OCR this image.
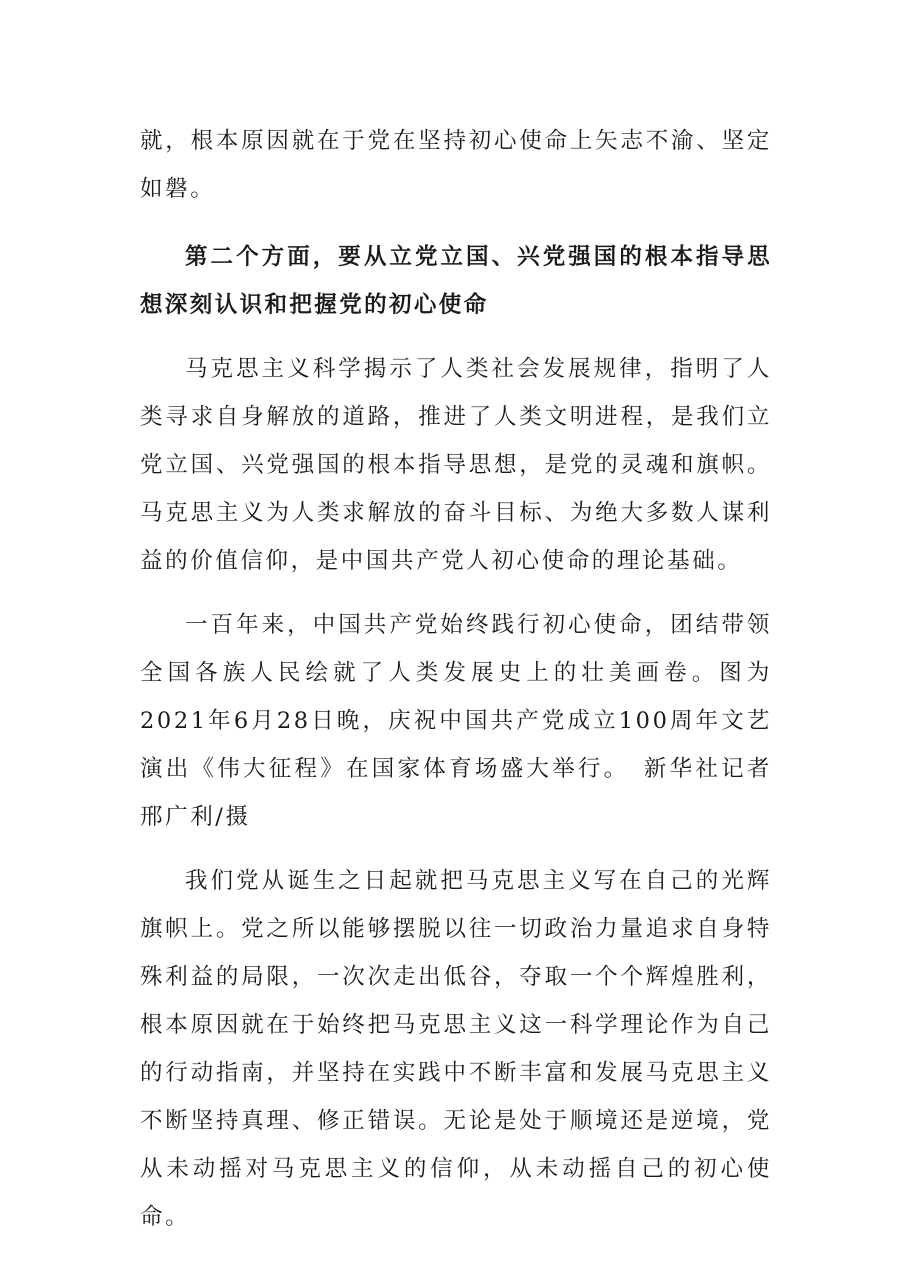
就，根本原因就在于党在坚持初心使命上矢志不渝、坚定如磐。

第二个方面，要从立党立国、兴党强国的根本指导思想深刻认识和把握党的初心使命

马克思主义科学揭示了人类社会发展规律，指明了人类寻求自身解放的道路，推进了人类文明进程，是我们立党立国、兴党强国的根本指导思想，是党的灵魂和旗帜。马克思主义为人类求解放的奋斗目标、为绝大多数人谋利益的价值信仰，是中国共产党人初心使命的理论基础。

一百年来，中国共产党始终践行初心使命，团结带领全国各族人民绘就了人类发展史上的壮美画卷。图为2021年6月28日晚，庆祝中国共产党成立100周年文艺演出《伟大征程》在国家体育场盛大举行。　新华社记者 邢广利/摄

我们党从诞生之日起就把马克思主义写在自己的光辉旗帜上。党之所以能够摆脱以往一切政治力量追求自身特殊利益的局限，一次次走出低谷，夺取一个个辉煌胜利，根本原因就在于始终把马克思主义这一科学理论作为自己的行动指南，并坚持在实践中不断丰富和发展马克思主义不断坚持真理、修正错误。无论是处于顺境还是逆境，党从未动摇对马克思主义的信仰，从未动摇自己的初心使命。
